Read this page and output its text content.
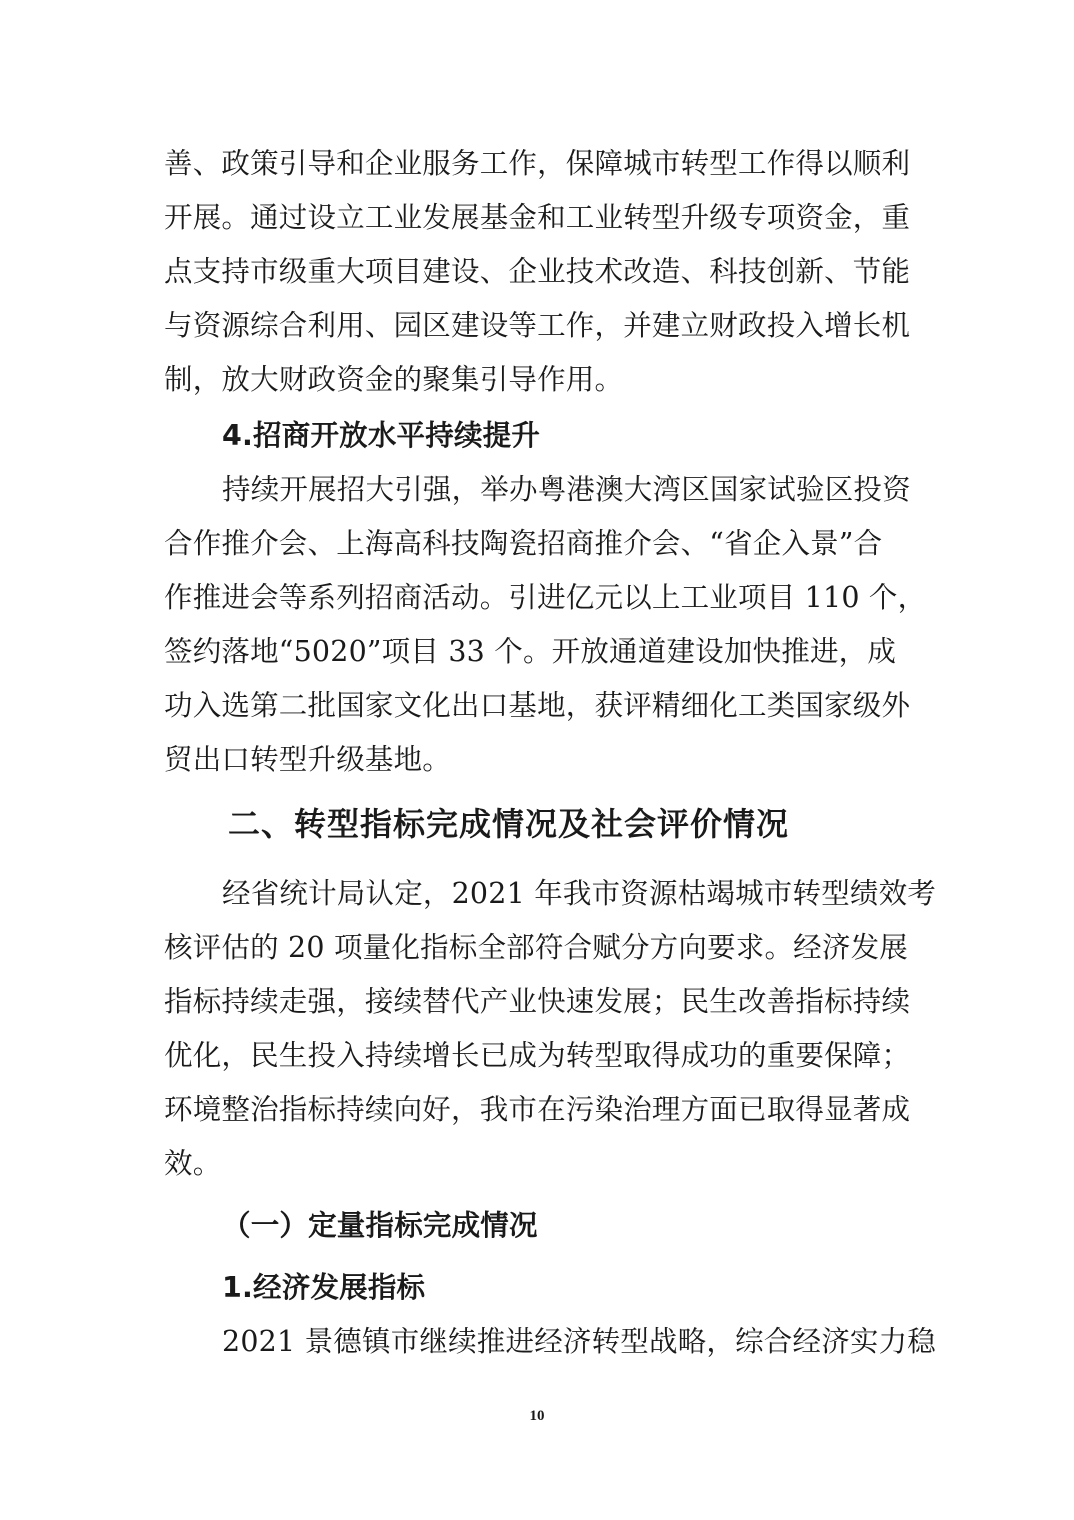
善、政策引导和企业服务工作，保障城市转型工作得以顺利
开展。通过设立工业发展基金和工业转型升级专项资金，重
点支持市级重大项目建设、企业技术改造、科技创新、节能
与资源综合利用、园区建设等工作，并建立财政投入增长机
制，放大财政资金的聚集引导作用。
4.招商开放水平持续提升
持续开展招大引强，举办粤港澳大湾区国家试验区投资
合作推介会、上海高科技陶瓷招商推介会、“省企入景”合
作推进会等系列招商活动。引进亿元以上工业项目 110 个，
签约落地“5020”项目 33 个。开放通道建设加快推进，成
功入选第二批国家文化出口基地，获评精细化工类国家级外
贸出口转型升级基地。
二、转型指标完成情况及社会评价情况
经省统计局认定，2021 年我市资源枯竭城市转型绩效考
核评估的 20 项量化指标全部符合赋分方向要求。经济发展
指标持续走强，接续替代产业快速发展；民生改善指标持续
优化，民生投入持续增长已成为转型取得成功的重要保障；
环境整治指标持续向好，我市在污染治理方面已取得显著成
效。
（一）定量指标完成情况
1.经济发展指标
2021 景德镇市继续推进经济转型战略，综合经济实力稳
10
